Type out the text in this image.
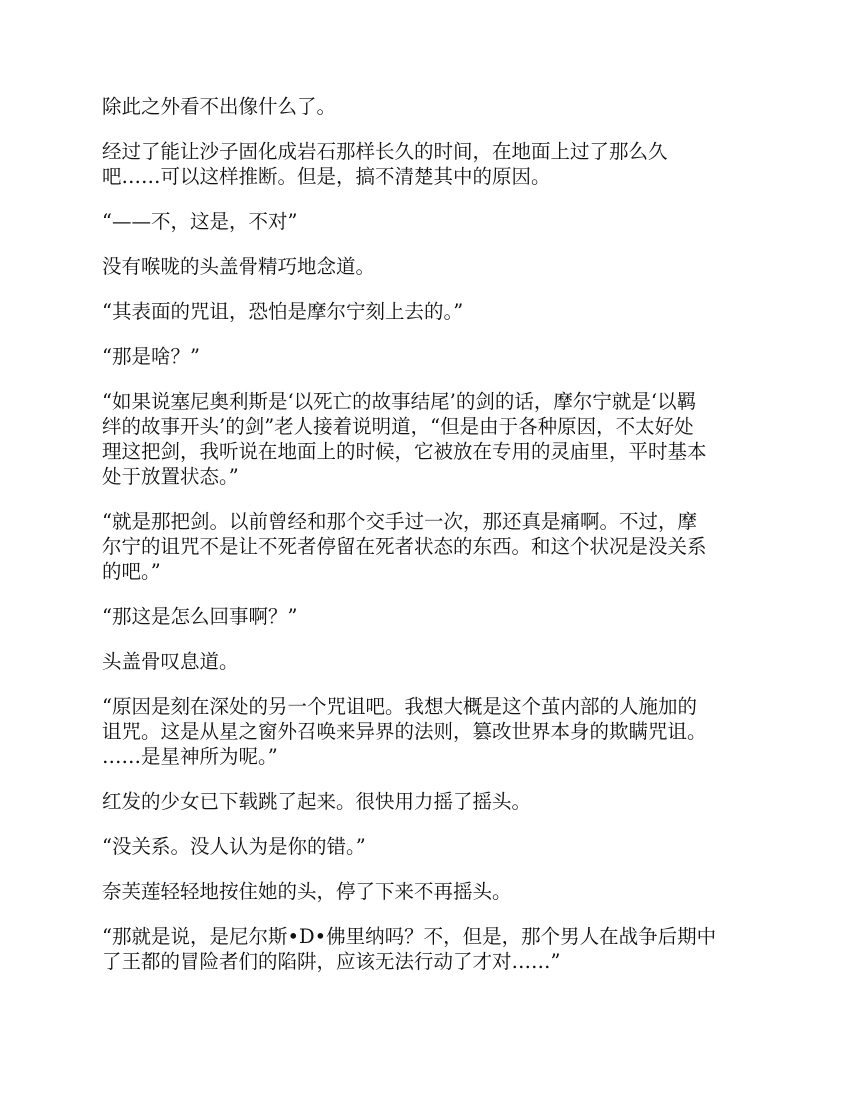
除此之外看不出像什么了。

经过了能让沙子固化成岩石那样长久的时间，在地面上过了那么久
吧……可以这样推断。但是，搞不清楚其中的原因。

“——不，这是，不对”

没有喉咙的头盖骨精巧地念道。

“其表面的咒诅，恐怕是摩尔宁刻上去的。”

“那是啥？”

“如果说塞尼奥利斯是‘以死亡的故事结尾’的剑的话，摩尔宁就是‘以羁
绊的故事开头’的剑”老人接着说明道，“但是由于各种原因，不太好处
理这把剑，我听说在地面上的时候，它被放在专用的灵庙里，平时基本
处于放置状态。”

“就是那把剑。以前曾经和那个交手过一次，那还真是痛啊。不过，摩
尔宁的诅咒不是让不死者停留在死者状态的东西。和这个状况是没关系
的吧。”

“那这是怎么回事啊？”

头盖骨叹息道。

“原因是刻在深处的另一个咒诅吧。我想大概是这个茧内部的人施加的
诅咒。这是从星之窗外召唤来异界的法则，篡改世界本身的欺瞒咒诅。
……是星神所为呢。”

红发的少女已下载跳了起来。很快用力摇了摇头。

“没关系。没人认为是你的错。”

奈芙莲轻轻地按住她的头，停了下来不再摇头。

“那就是说，是尼尔斯•D•佛里纳吗？不，但是，那个男人在战争后期中
了王都的冒险者们的陷阱，应该无法行动了才对……”
